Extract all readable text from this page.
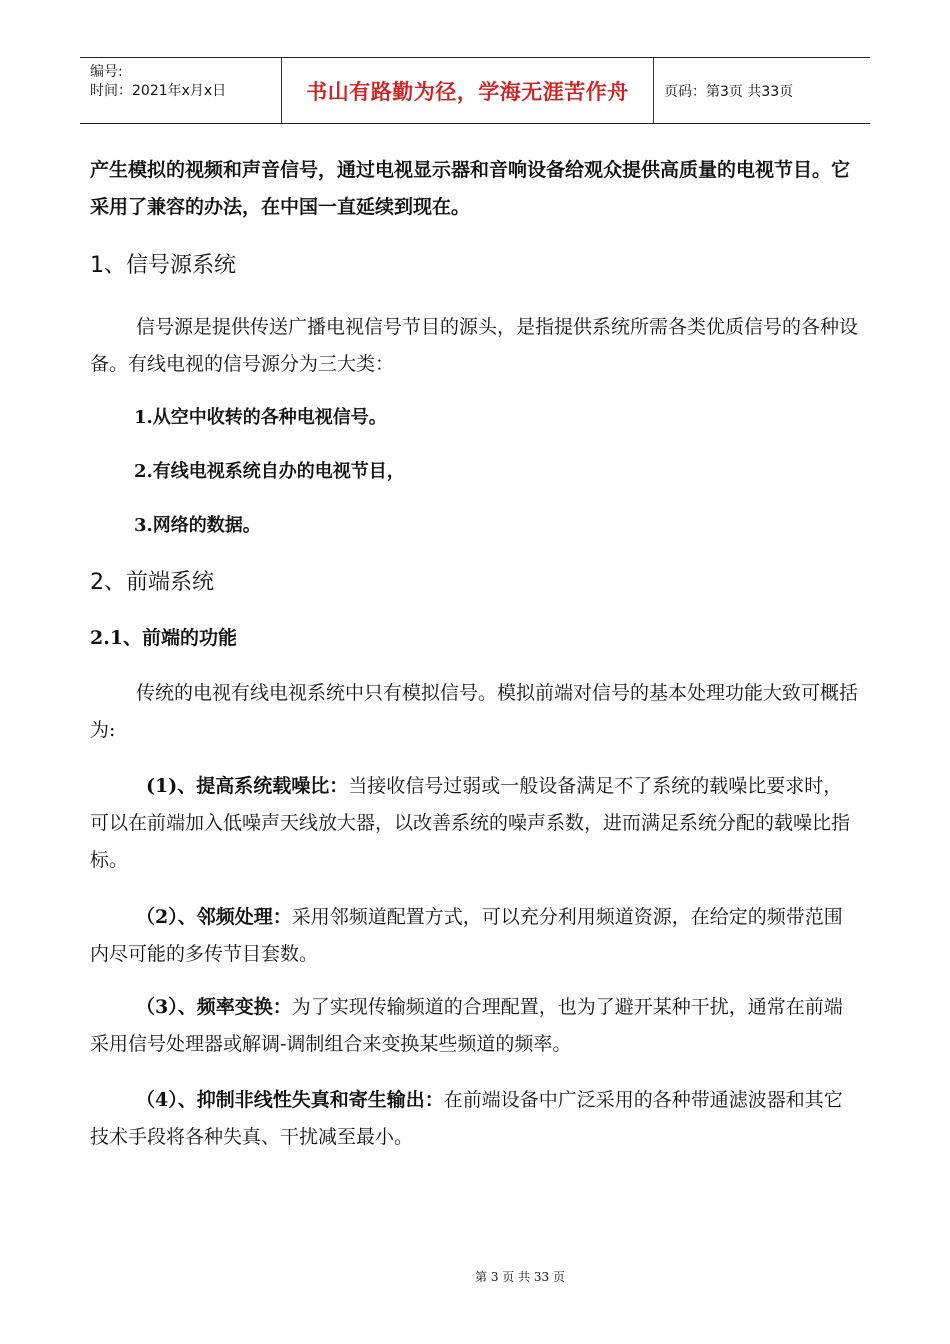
编号:
时间：2021年x月x日	书山有路勤为径，学海无涯苦作舟	页码：第3页 共33页

产生模拟的视频和声音信号，通过电视显示器和音响设备给观众提供高质量的电视节目。它采用了兼容的办法，在中国一直延续到现在。

1、信号源系统

信号源是提供传送广播电视信号节目的源头，是指提供系统所需各类优质信号的各种设备。有线电视的信号源分为三大类：

1.从空中收转的各种电视信号。

2.有线电视系统自办的电视节目，

3.网络的数据。

2、前端系统

2.1、前端的功能

传统的电视有线电视系统中只有模拟信号。模拟前端对信号的基本处理功能大致可概括为:

(1)、提高系统载噪比：当接收信号过弱或一般设备满足不了系统的载噪比要求时，可以在前端加入低噪声天线放大器，以改善系统的噪声系数，进而满足系统分配的载噪比指标。

（2）、邻频处理：采用邻频道配置方式，可以充分利用频道资源，在给定的频带范围内尽可能的多传节目套数。

（3）、频率变换：为了实现传输频道的合理配置，也为了避开某种干扰，通常在前端采用信号处理器或解调-调制组合来变换某些频道的频率。

（4）、抑制非线性失真和寄生输出：在前端设备中广泛采用的各种带通滤波器和其它技术手段将各种失真、干扰减至最小。

第 3 页 共 33 页
